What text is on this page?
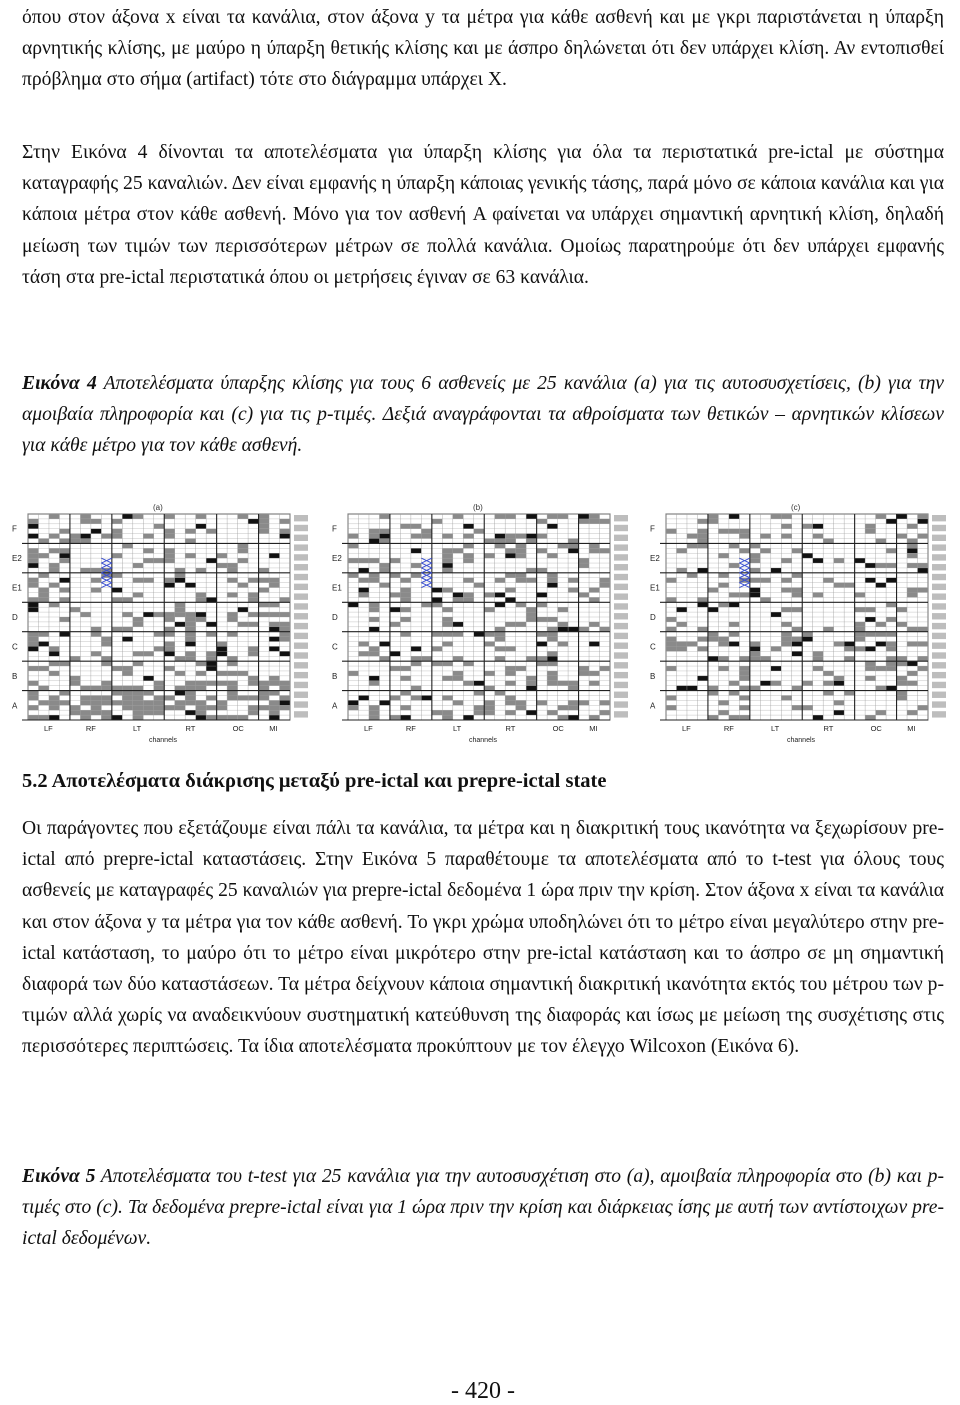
όπου στον άξονα x είναι τα κανάλια, στον άξονα y τα μέτρα για κάθε ασθενή και με γκρι παριστάνεται η ύπαρξη αρνητικής κλίσης, με μαύρο η ύπαρξη θετικής κλίσης και με άσπρο δηλώνεται ότι δεν υπάρχει κλίση. Αν εντοπισθεί πρόβλημα στο σήμα (artifact) τότε στο διάγραμμα υπάρχει X.

Στην Εικόνα 4 δίνονται τα αποτελέσματα για ύπαρξη κλίσης για όλα τα περιστατικά pre-ictal με σύστημα καταγραφής 25 καναλιών. Δεν είναι εμφανής η ύπαρξη κάποιας γενικής τάσης, παρά μόνο σε κάποια κανάλια και για κάποια μέτρα στον κάθε ασθενή. Μόνο για τον ασθενή A φαίνεται να υπάρχει σημαντική αρνητική κλίση, δηλαδή μείωση των τιμών των περισσότερων μέτρων σε πολλά κανάλια. Ομοίως παρατηρούμε ότι δεν υπάρχει εμφανής τάση στα pre-ictal περιστατικά όπου οι μετρήσεις έγιναν σε 63 κανάλια.

Εικόνα 4 Αποτελέσματα ύπαρξης κλίσης για τους 6 ασθενείς με 25 κανάλια (a) για τις αυτοσυσχετίσεις, (b) για την αμοιβαία πληροφορία και (c) για τις p-τιμές. Δεξιά αναγράφονται τα αθροίσματα των θετικών – αρνητικών κλίσεων για κάθε μέτρο για τον κάθε ασθενή.

(a)
F
E2
E1
D
C
B
A
LF	RF	LT	RT	OC	MI
channels
(b)
F
E2
E1
D
C
B
A
LF	RF	LT	RT	OC	MI
channels
(c)
F
E2
E1
D
C
B
A
LF	RF	LT	RT	OC	MI
channels
5.2 Αποτελέσματα διάκρισης μεταξύ pre-ictal και prepre-ictal state

Οι παράγοντες που εξετάζουμε είναι πάλι τα κανάλια, τα μέτρα και η διακριτική τους ικανότητα να ξεχωρίσουν pre-ictal από prepre-ictal καταστάσεις. Στην Εικόνα 5 παραθέτουμε τα αποτελέσματα από το t-test για όλους τους ασθενείς με καταγραφές 25 καναλιών για prepre-ictal δεδομένα 1 ώρα πριν την κρίση. Στον άξονα x είναι τα κανάλια και στον άξονα y τα μέτρα για τον κάθε ασθενή. Το γκρι χρώμα υποδηλώνει ότι το μέτρο είναι μεγαλύτερο στην pre-ictal κατάσταση, το μαύρο ότι το μέτρο είναι μικρότερο στην pre-ictal κατάσταση και το άσπρο σε μη σημαντική διαφορά των δύο καταστάσεων. Τα μέτρα δείχνουν κάποια σημαντική διακριτική ικανότητα εκτός του μέτρου των p-τιμών αλλά χωρίς να αναδεικνύουν συστηματική κατεύθυνση της διαφοράς και ίσως με μείωση της συσχέτισης στις περισσότερες περιπτώσεις. Τα ίδια αποτελέσματα προκύπτουν με τον έλεγχο Wilcoxon (Εικόνα 6).

Εικόνα 5 Αποτελέσματα του t-test για 25 κανάλια για την αυτοσυσχέτιση στο (a), αμοιβαία πληροφορία στο (b) και p-τιμές στο (c). Τα δεδομένα prepre-ictal είναι για 1 ώρα πριν την κρίση και διάρκειας ίσης με αυτή των αντίστοιχων pre-ictal δεδομένων.

- 420 -
